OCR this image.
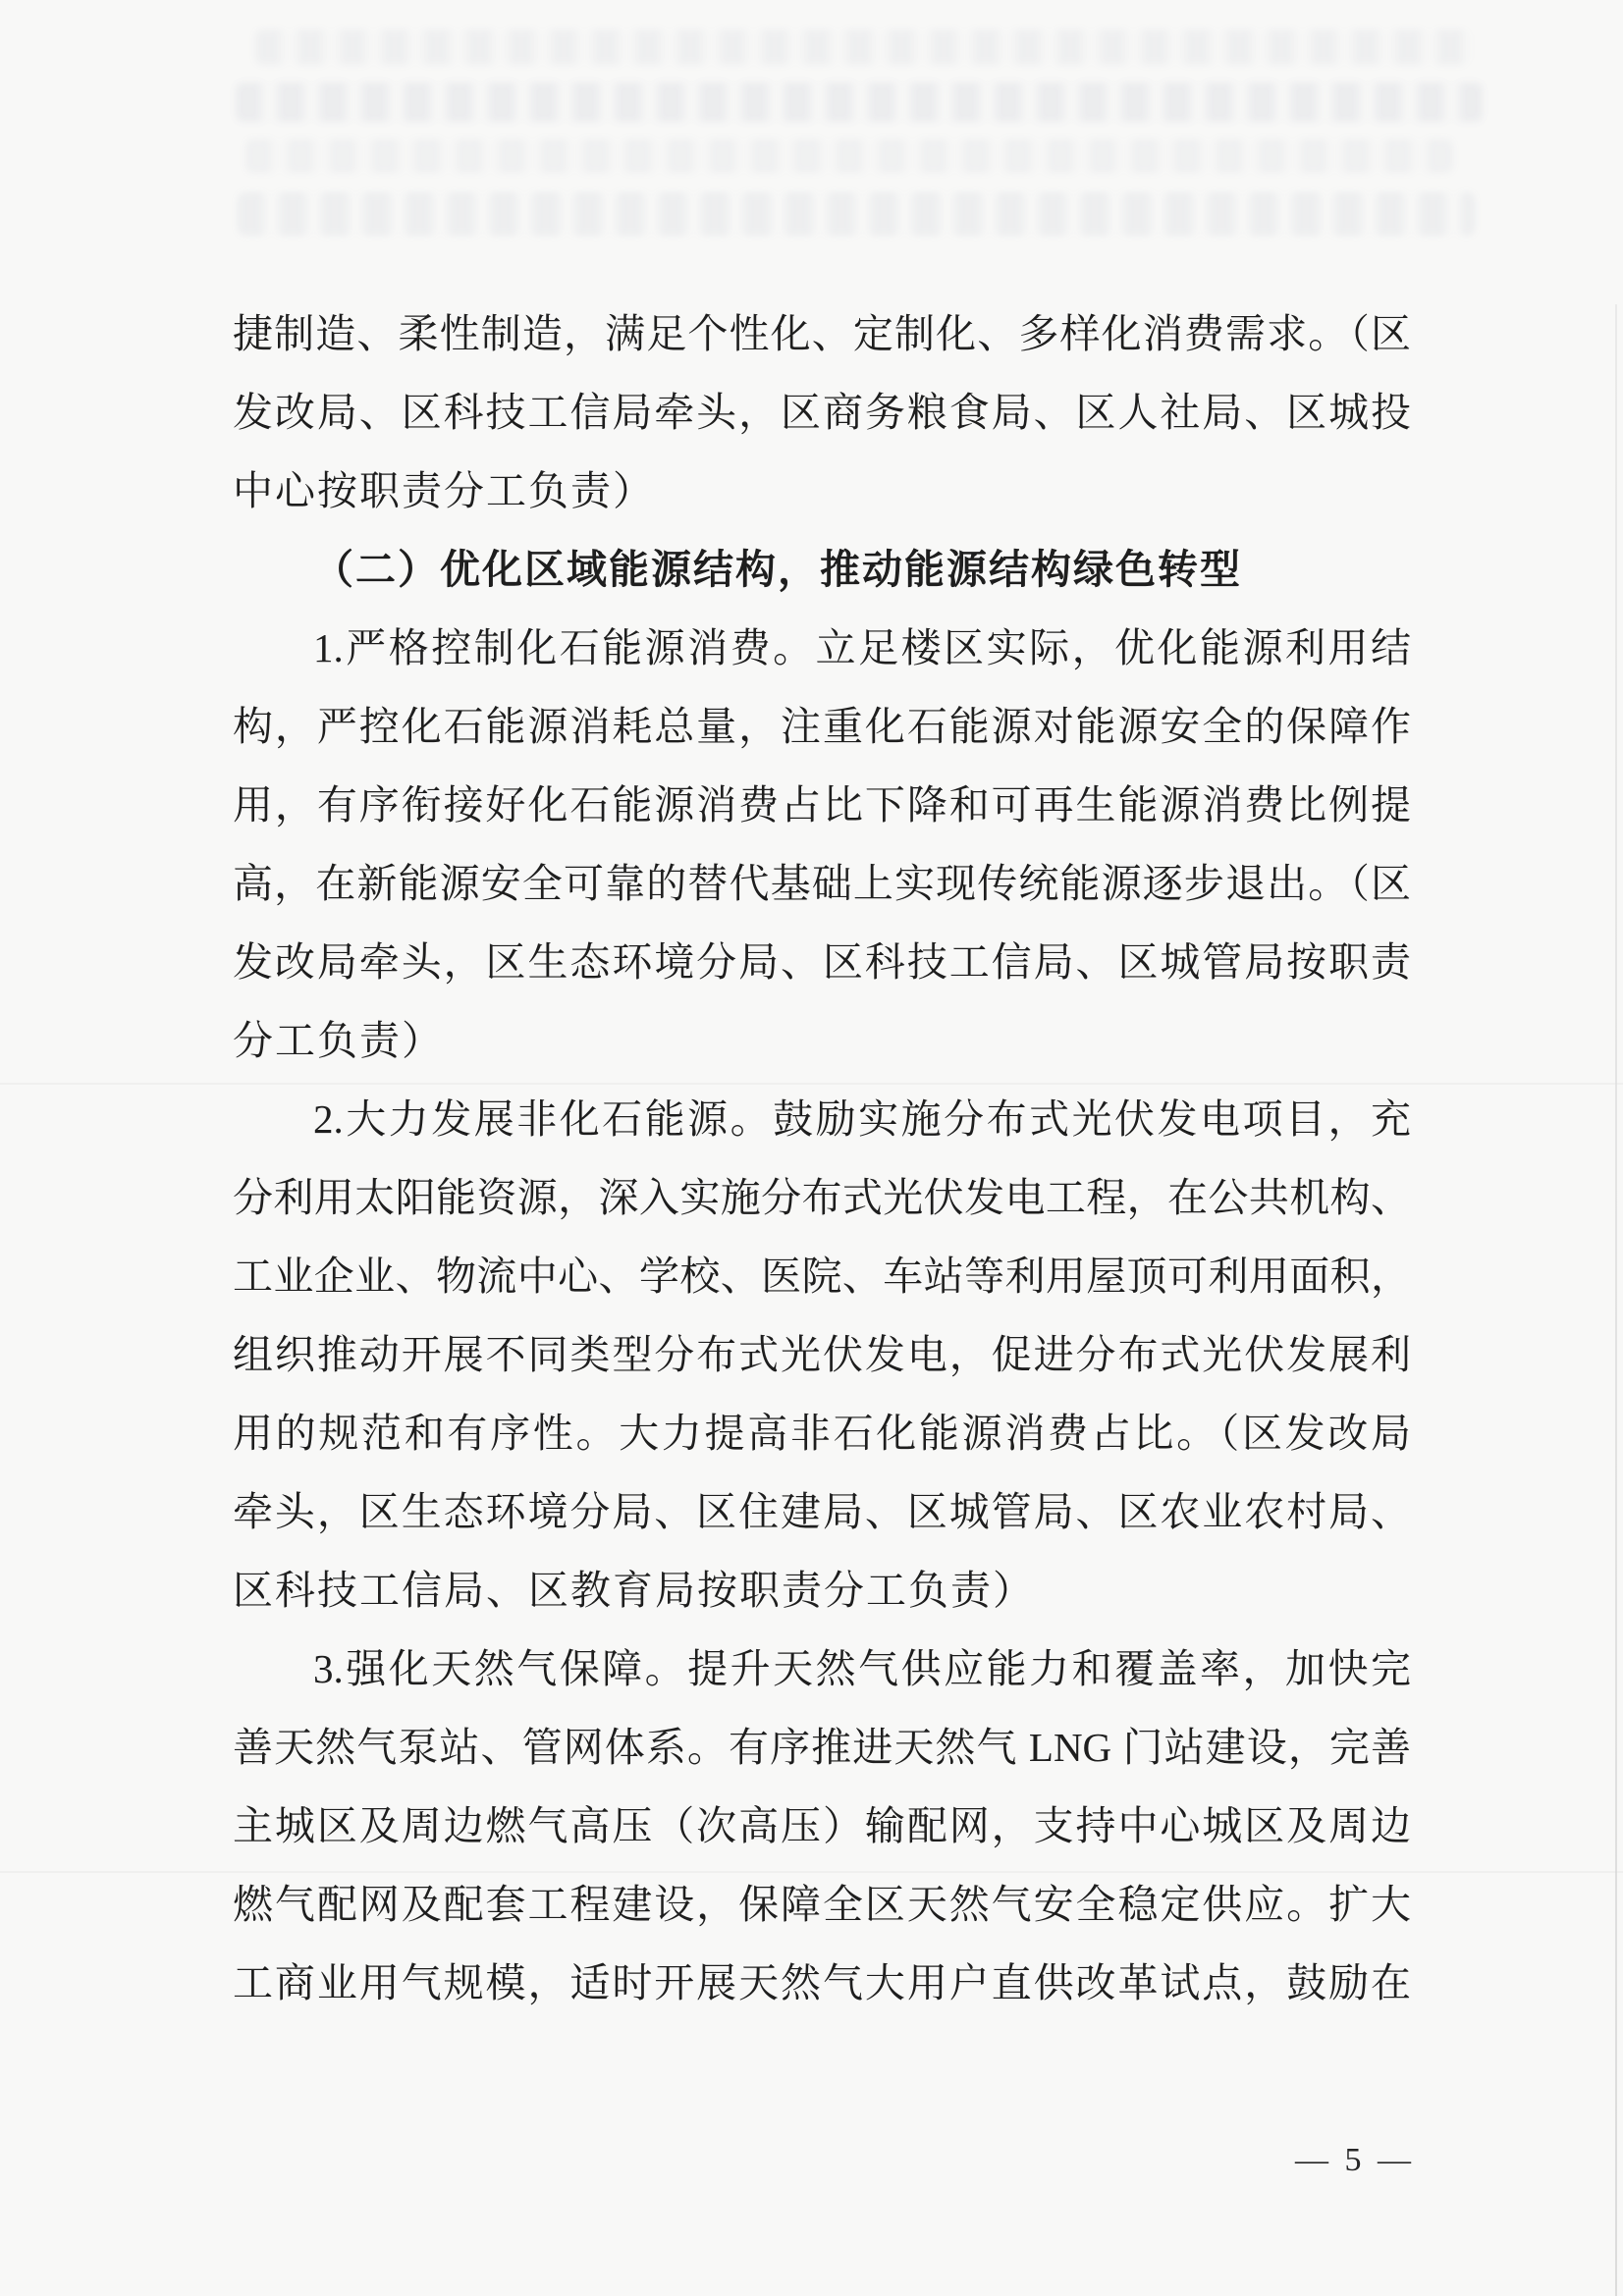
捷制造、柔性制造，满足个性化、定制化、多样化消费需求。（区
发改局、区科技工信局牵头，区商务粮食局、区人社局、区城投
中心按职责分工负责）
（二）优化区域能源结构，推动能源结构绿色转型
1.严格控制化石能源消费。立足楼区实际，优化能源利用结
构，严控化石能源消耗总量，注重化石能源对能源安全的保障作
用，有序衔接好化石能源消费占比下降和可再生能源消费比例提
高，在新能源安全可靠的替代基础上实现传统能源逐步退出。（区
发改局牵头，区生态环境分局、区科技工信局、区城管局按职责
分工负责）
2.大力发展非化石能源。鼓励实施分布式光伏发电项目，充
分利用太阳能资源，深入实施分布式光伏发电工程，在公共机构、
工业企业、物流中心、学校、医院、车站等利用屋顶可利用面积，
组织推动开展不同类型分布式光伏发电，促进分布式光伏发展利
用的规范和有序性。大力提高非石化能源消费占比。（区发改局
牵头，区生态环境分局、区住建局、区城管局、区农业农村局、
区科技工信局、区教育局按职责分工负责）
3.强化天然气保障。提升天然气供应能力和覆盖率，加快完
善天然气泵站、管网体系。有序推进天然气 LNG 门站建设，完善
主城区及周边燃气高压（次高压）输配网，支持中心城区及周边
燃气配网及配套工程建设，保障全区天然气安全稳定供应。扩大
工商业用气规模，适时开展天然气大用户直供改革试点，鼓励在
— 5 —
